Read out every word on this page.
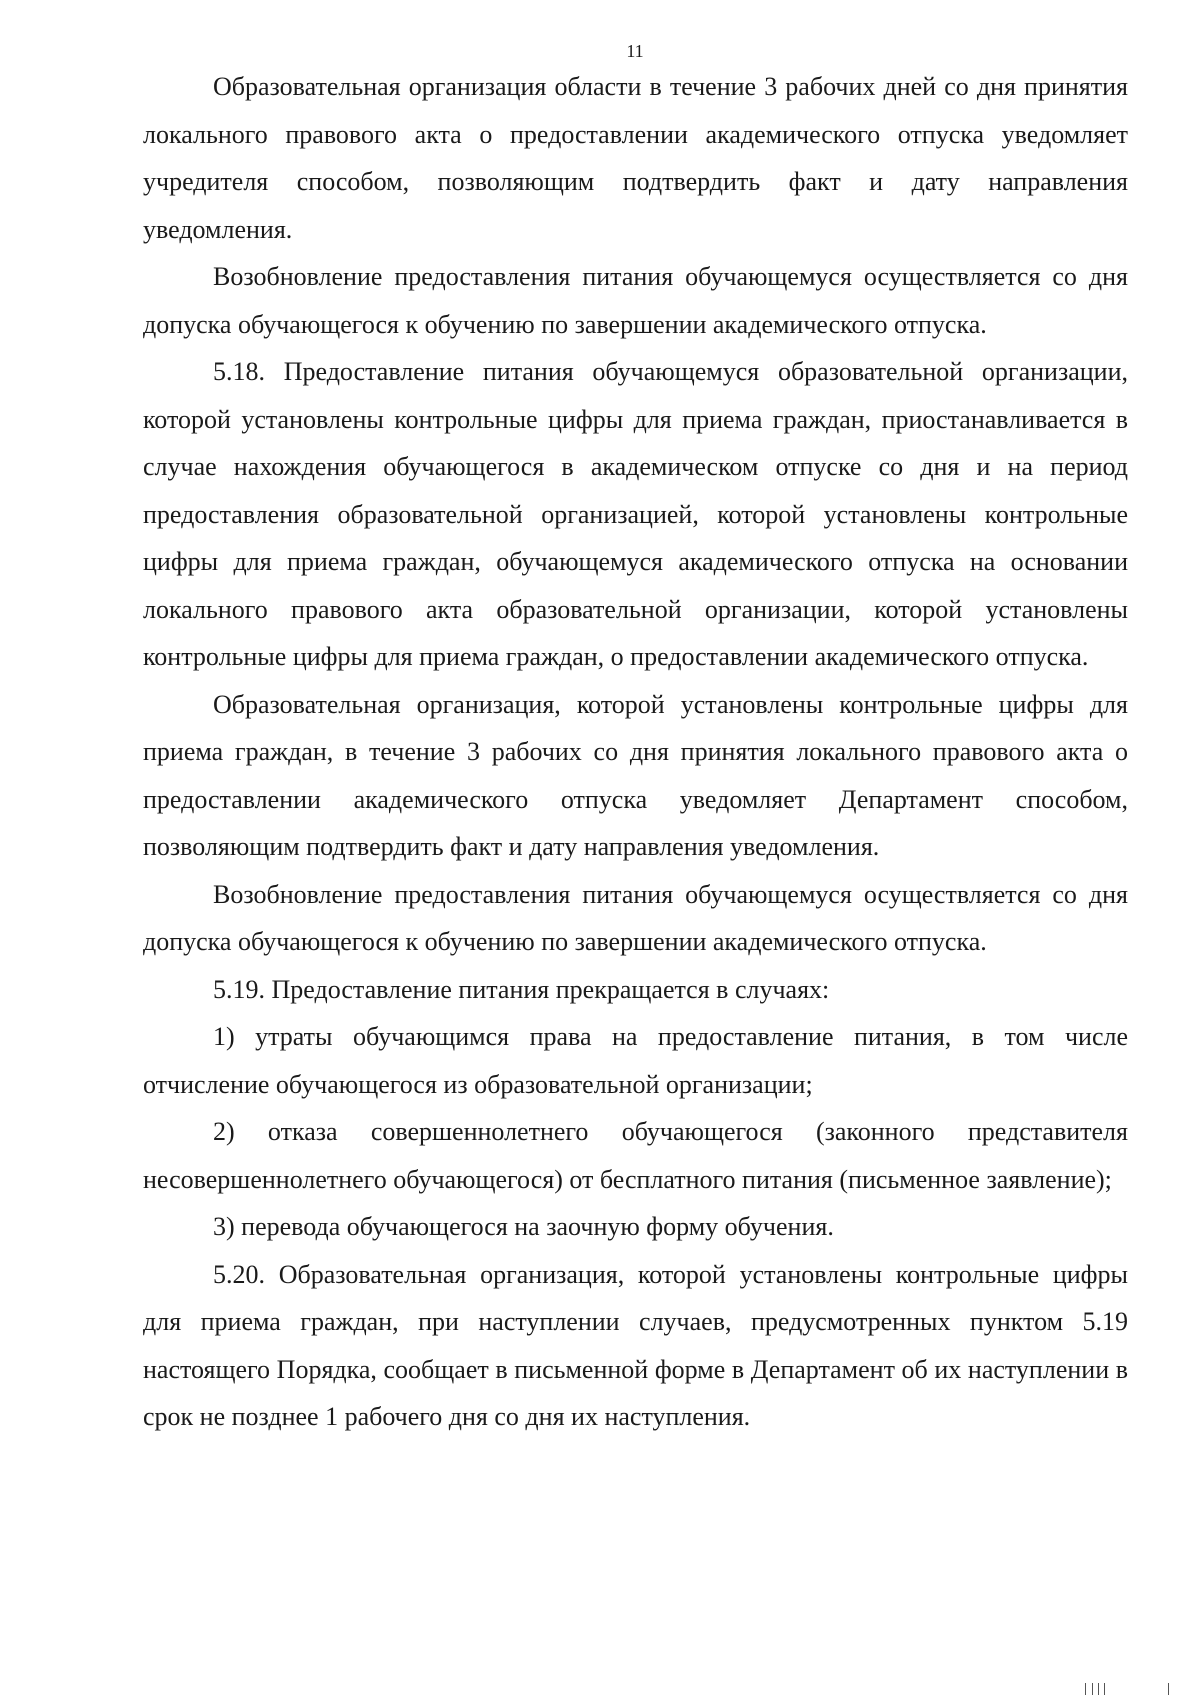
11

Образовательная организация области в течение 3 рабочих дней со дня принятия локального правового акта о предоставлении академического отпуска уведомляет учредителя способом, позволяющим подтвердить факт и дату направления уведомления.

Возобновление предоставления питания обучающемуся осуществляется со дня допуска обучающегося к обучению по завершении академического отпуска.

5.18. Предоставление питания обучающемуся образовательной организации, которой установлены контрольные цифры для приема граждан, приостанавливается в случае нахождения обучающегося в академическом отпуске со дня и на период предоставления образовательной организацией, которой установлены контрольные цифры для приема граждан, обучающемуся академического отпуска на основании локального правового акта образовательной организации, которой установлены контрольные цифры для приема граждан, о предоставлении академического отпуска.

Образовательная организация, которой установлены контрольные цифры для приема граждан, в течение 3 рабочих со дня принятия локального правового акта о предоставлении академического отпуска уведомляет Департамент способом, позволяющим подтвердить факт и дату направления уведомления.

Возобновление предоставления питания обучающемуся осуществляется со дня допуска обучающегося к обучению по завершении академического отпуска.

5.19. Предоставление питания прекращается в случаях:

1) утраты обучающимся права на предоставление питания, в том числе отчисление обучающегося из образовательной организации;

2) отказа совершеннолетнего обучающегося (законного представителя несовершеннолетнего обучающегося) от бесплатного питания (письменное заявление);

3) перевода обучающегося на заочную форму обучения.

5.20. Образовательная организация, которой установлены контрольные цифры для приема граждан, при наступлении случаев, предусмотренных пунктом 5.19 настоящего Порядка, сообщает в письменной форме в Департамент об их наступлении в срок не позднее 1 рабочего дня со дня их наступления.
